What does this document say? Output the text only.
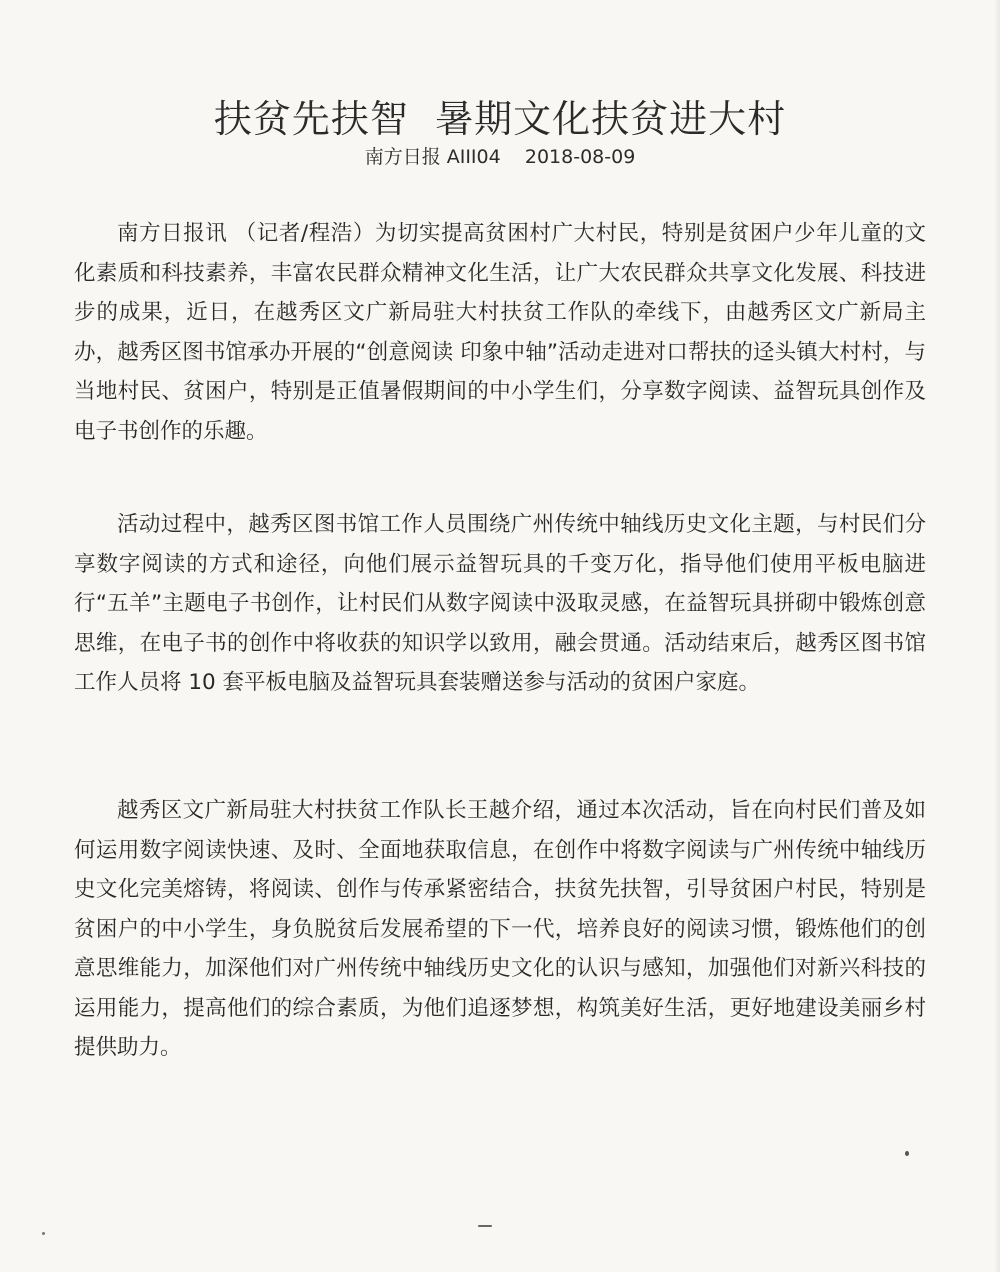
扶贫先扶智  暑期文化扶贫进大村
南方日报 AIII04    2018-08-09

南方日报讯 （记者/程浩）为切实提高贫困村广大村民，特别是贫困户少年儿童的文化素质和科技素养，丰富农民群众精神文化生活，让广大农民群众共享文化发展、科技进步的成果，近日，在越秀区文广新局驻大村扶贫工作队的牵线下，由越秀区文广新局主办，越秀区图书馆承办开展的“创意阅读 印象中轴”活动走进对口帮扶的迳头镇大村村，与当地村民、贫困户，特别是正值暑假期间的中小学生们，分享数字阅读、益智玩具创作及电子书创作的乐趣。

活动过程中，越秀区图书馆工作人员围绕广州传统中轴线历史文化主题，与村民们分享数字阅读的方式和途径，向他们展示益智玩具的千变万化，指导他们使用平板电脑进行“五羊”主题电子书创作，让村民们从数字阅读中汲取灵感，在益智玩具拼砌中锻炼创意思维，在电子书的创作中将收获的知识学以致用，融会贯通。活动结束后，越秀区图书馆工作人员将 10 套平板电脑及益智玩具套装赠送参与活动的贫困户家庭。

越秀区文广新局驻大村扶贫工作队长王越介绍，通过本次活动，旨在向村民们普及如何运用数字阅读快速、及时、全面地获取信息，在创作中将数字阅读与广州传统中轴线历史文化完美熔铸，将阅读、创作与传承紧密结合，扶贫先扶智，引导贫困户村民，特别是贫困户的中小学生，身负脱贫后发展希望的下一代，培养良好的阅读习惯，锻炼他们的创意思维能力，加深他们对广州传统中轴线历史文化的认识与感知，加强他们对新兴科技的运用能力，提高他们的综合素质，为他们追逐梦想，构筑美好生活，更好地建设美丽乡村提供助力。
